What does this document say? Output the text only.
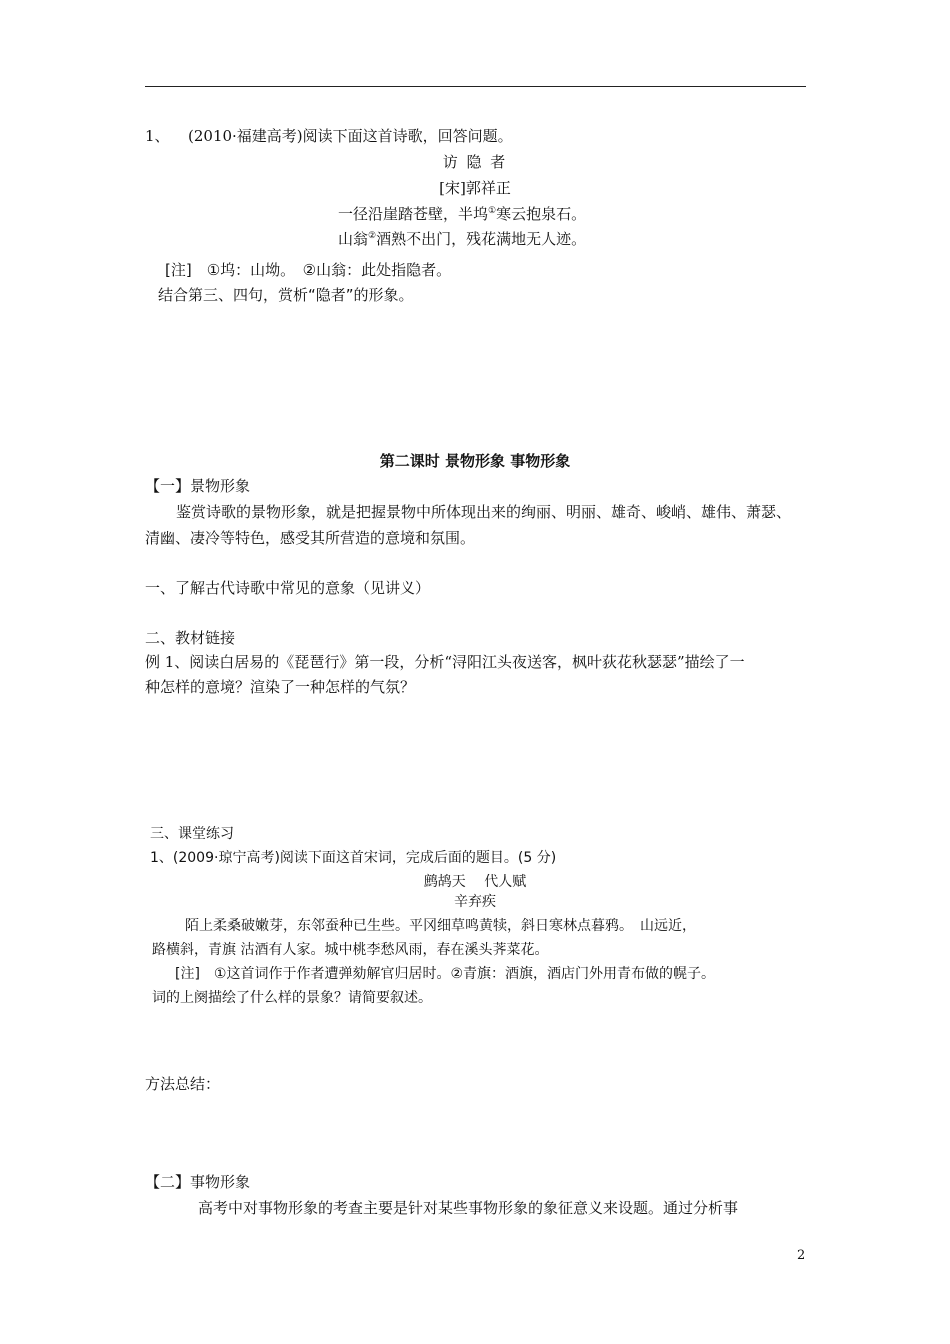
1、 (2010·福建高考)阅读下面这首诗歌，回答问题。
访 隐 者
[宋]郭祥正
一径沿崖踏苍壁，半坞①寒云抱泉石。
山翁②酒熟不出门，残花满地无人迹。
[注]　①坞：山坳。　②山翁：此处指隐者。
结合第三、四句，赏析“隐者”的形象。
第二课时 景物形象 事物形象
【一】景物形象
鉴赏诗歌的景物形象，就是把握景物中所体现出来的绚丽、明丽、雄奇、峻峭、雄伟、萧瑟、
清幽、凄冷等特色，感受其所营造的意境和氛围。
一、了解古代诗歌中常见的意象（见讲义）
二、教材链接
例 1、阅读白居易的《琵琶行》第一段，分析“浔阳江头夜送客，枫叶荻花秋瑟瑟”描绘了一
种怎样的意境？渲染了一种怎样的气氛？
三、课堂练习
1、(2009·琼宁高考)阅读下面这首宋词，完成后面的题目。(5 分)
鹧鸪天　 代人赋
辛弃疾
陌上柔桑破嫩芽，东邻蚕种已生些。平冈细草鸣黄犊，斜日寒林点暮鸦。　山远近，
路横斜，青旗 沽酒有人家。城中桃李愁风雨，春在溪头荠菜花。
[注]　①这首词作于作者遭弹劾解官归居时。②青旗：酒旗，酒店门外用青布做的幌子。
词的上阕描绘了什么样的景象？请简要叙述。
方法总结：
【二】事物形象
高考中对事物形象的考查主要是针对某些事物形象的象征意义来设题。通过分析事
2
